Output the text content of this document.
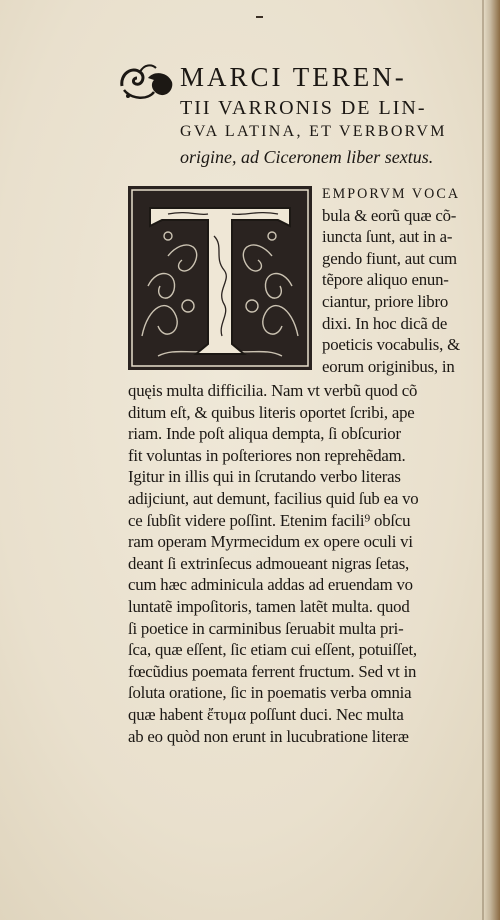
MARCI TEREN-
TII VARRONIS DE LIN-
GVA LATINA, ET VERBORVM
origine, ad Ciceronem liber sextus.
EMPORVM VOCA
bula & eorũ quæ cõ-
iuncta ſunt, aut in a-
gendo fiunt, aut cum
tẽpore aliquo enun-
ciantur, priore libro
dixi. In hoc dicã de
poeticis vocabulis, &
eorum originibus, in
quęis multa difficilia. Nam vt verbũ quod cõ
ditum eſt, & quibus literis oportet ſcribi, ape
riam. Inde poſt aliqua dempta, ſi obſcurior
fit voluntas in poſteriores non reprehẽdam.
Igitur in illis qui in ſcrutando verbo literas
adijciunt, aut demunt, facilius quid ſub ea vo
ce ſubſit videre poſſint. Etenim facili⁹ obſcu
ram operam Myrmecidum ex opere oculi vi
deant ſi extrinſecus admoueant nigras ſetas,
cum hæc adminicula addas ad eruendam vo
luntatẽ impoſitoris, tamen latẽt multa. quod
ſi poetice in carminibus ſeruabit multa pri-
ſca, quæ eſſent, ſic etiam cui eſſent, potuiſſet,
fœcũdius poemata ferrent fructum. Sed vt in
ſoluta oratione, ſic in poematis verba omnia
quæ habent ἔτυμα poſſunt duci. Nec multa
ab eo quòd non erunt in lucubratione literæ
